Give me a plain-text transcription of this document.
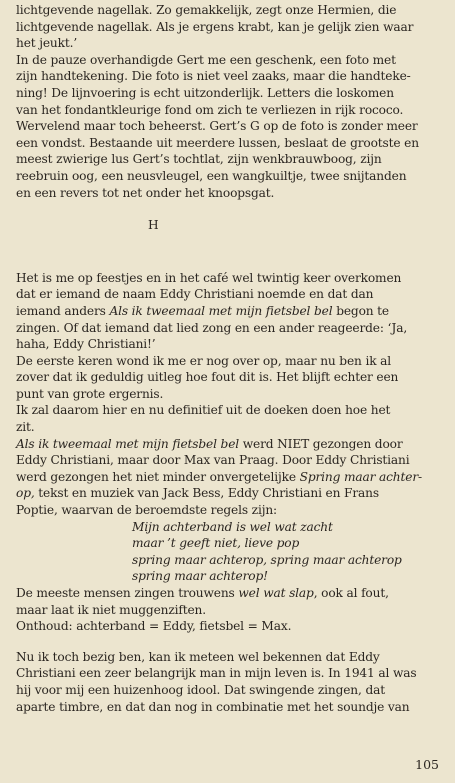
lichtgevende nagellak. Zo gemakkelijk, zegt onze Hermien, die
lichtgevende nagellak. Als je ergens krabt, kan je gelijk zien waar
het jeukt.’

In de pauze overhandigde Gert me een geschenk, een foto met
zijn handtekening. Die foto is niet veel zaaks, maar die handteke-
ning! De lijnvoering is echt uitzonderlijk. Letters die loskomen
van het fondantkleurige fond om zich te verliezen in rijk rococo.
Wervelend maar toch beheerst. Gert’s G op de foto is zonder meer
een vondst. Bestaande uit meerdere lussen, beslaat de grootste en
meest zwierige lus Gert’s tochtlat, zijn wenkbrauwboog, zijn
reebruin oog, een neusvleugel, een wangkuiltje, twee snijtanden
en een revers tot net onder het knoopsgat.

H

Het is me op feestjes en in het café wel twintig keer overkomen
dat er iemand de naam Eddy Christiani noemde en dat dan
iemand anders Als ik tweemaal met mijn fietsbel bel begon te
zingen. Of dat iemand dat lied zong en een ander reageerde: ‘Ja,
haha, Eddy Christiani!’

De eerste keren wond ik me er nog over op, maar nu ben ik al
zover dat ik geduldig uitleg hoe fout dit is. Het blijft echter een
punt van grote ergernis.

Ik zal daarom hier en nu definitief uit de doeken doen hoe het
zit.

Als ik tweemaal met mijn fietsbel bel werd NIET gezongen door
Eddy Christiani, maar door Max van Praag. Door Eddy Christiani
werd gezongen het niet minder onvergetelijke Spring maar achter-
op, tekst en muziek van Jack Bess, Eddy Christiani en Frans
Poptie, waarvan de beroemdste regels zijn:

Mijn achterband is wel wat zacht
maar ’t geeft niet, lieve pop
spring maar achterop, spring maar achterop
spring maar achterop!

De meeste mensen zingen trouwens wel wat slap, ook al fout,
maar laat ik niet muggenziften.

Onthoud: achterband = Eddy, fietsbel = Max.

Nu ik toch bezig ben, kan ik meteen wel bekennen dat Eddy
Christiani een zeer belangrijk man in mijn leven is. In 1941 al was
hij voor mij een huizenhoog idool. Dat swingende zingen, dat
aparte timbre, en dat dan nog in combinatie met het soundje van

105
